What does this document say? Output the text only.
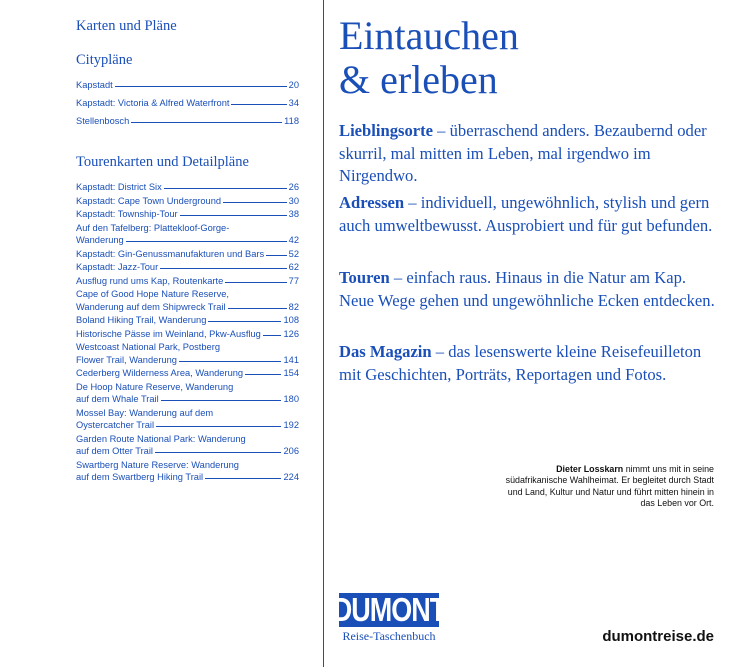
Karten und Pläne
Citypläne
Kapstadt	20
Kapstadt: Victoria & Alfred Waterfront	34
Stellenbosch	118
Tourenkarten und Detailpläne
Kapstadt: District Six	26
Kapstadt: Cape Town Underground	30
Kapstadt: Township-Tour	38
Auf den Tafelberg: Plattekloof-Gorge-
Wanderung	42
Kapstadt: Gin-Genussmanufakturen und Bars	52
Kapstadt: Jazz-Tour	62
Ausflug rund ums Kap, Routenkarte	77
Cape of Good Hope Nature Reserve,
Wanderung auf dem Shipwreck Trail	82
Boland Hiking Trail, Wanderung	108
Historische Pässe im Weinland, Pkw-Ausflug 126
Westcoast National Park, Postberg
Flower Trail, Wanderung	141
Cederberg Wilderness Area, Wanderung	154
De Hoop Nature Reserve, Wanderung
auf dem Whale Trail	180
Mossel Bay: Wanderung auf dem
Oystercatcher Trail	192
Garden Route National Park: Wanderung
auf dem Otter Trail	206
Swartberg Nature Reserve: Wanderung
auf dem Swartberg Hiking Trail	224
Eintauchen
& erleben

Lieblingsorte – überraschend anders. Bezaubernd oder skurril, mal mitten im Leben, mal irgendwo im Nirgendwo.

Adressen – individuell, ungewöhnlich, stylish und gern auch umweltbewusst. Ausprobiert und für gut befunden.

Touren – einfach raus. Hinaus in die Natur am Kap. Neue Wege gehen und ungewöhnliche Ecken entdecken.

Das Magazin – das lesenswerte kleine Reisefeuilleton mit Geschichten, Porträts, Reportagen und Fotos.

Dieter Losskarn nimmt uns mit in seine südafrikanische Wahlheimat. Er begleitet durch Stadt und Land, Kultur und Natur und führt mitten hinein in das Leben vor Ort.

DUMONT
Reise-Taschenbuch	dumontreise.de
